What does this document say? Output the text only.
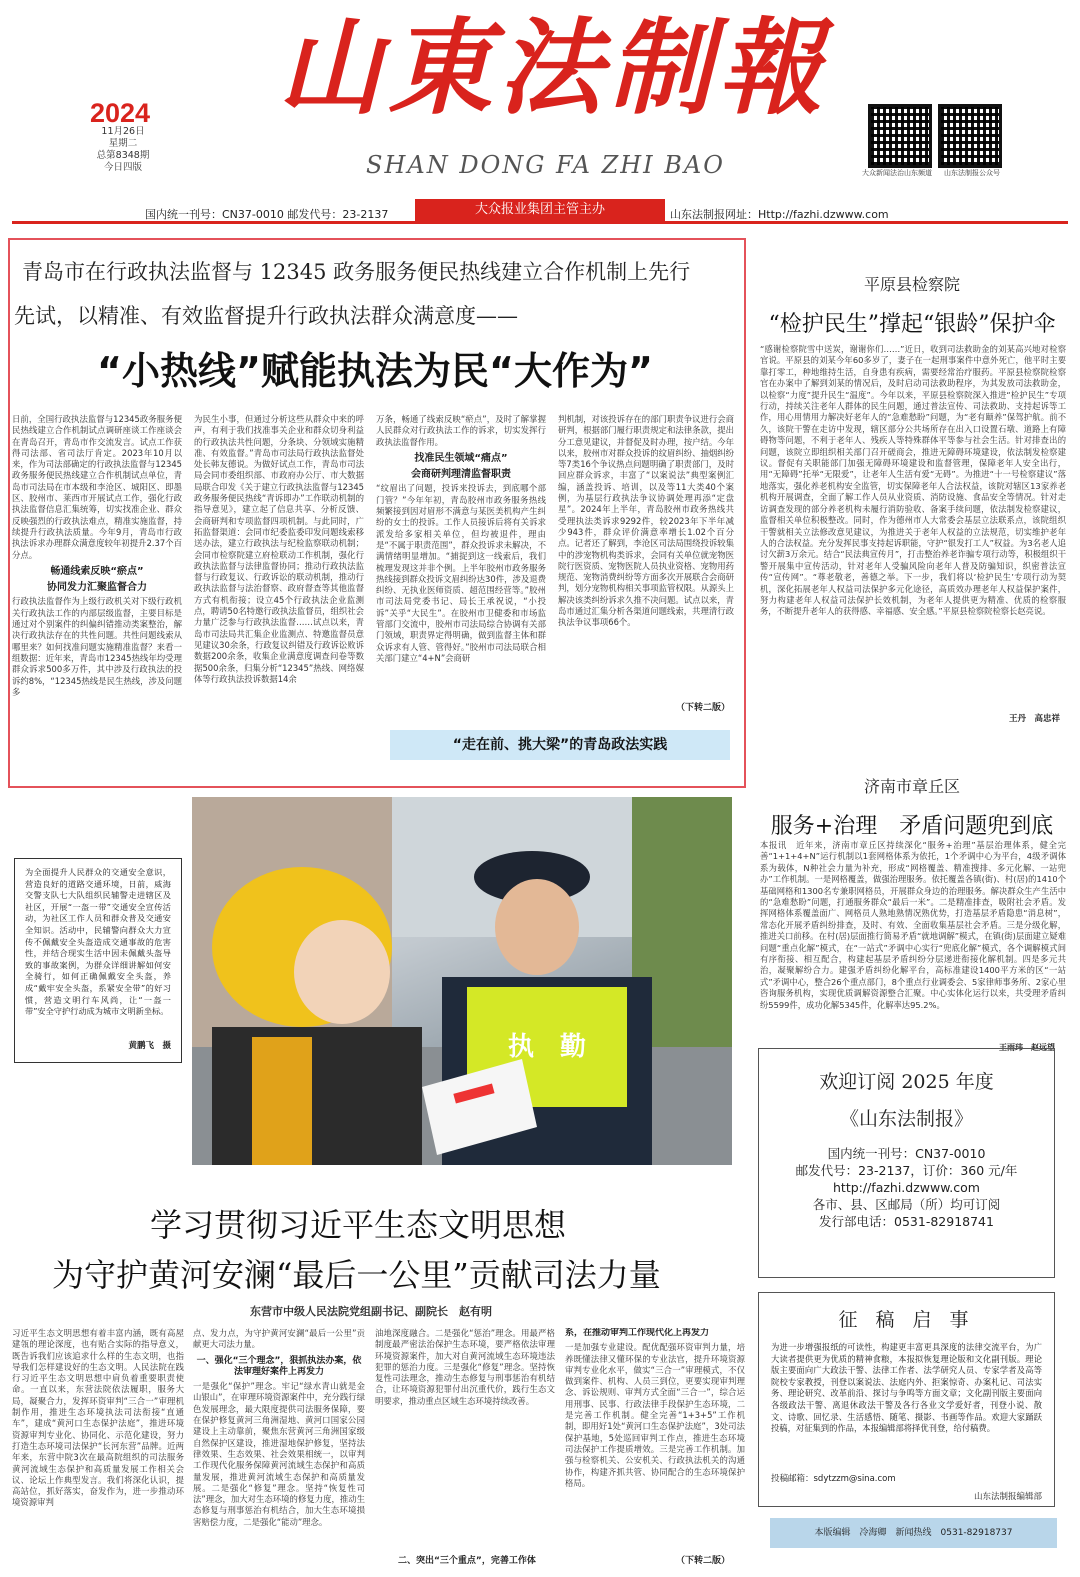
2024
11月26日
星期二
总第8348期
今日四版
山東法制報
SHAN DONG FA ZHI BAO	大众新闻法治山东频道 山东法制报公众号
国内统一刊号：CN37-0010 邮发代号：23-2137	大众报业集团主管主办	山东法制报网址：Http://fazhi.dzwww.com
青岛市在行政执法监督与 12345 政务服务便民热线建立合作机制上先行
先试，以精准、有效监督提升行政执法群众满意度——
“小热线”赋能执法为民“大作为”
日前，全国行政执法监督与12345政务服务便民热线建立合作机制试点调研座谈工作座谈会在青岛召开，青岛市作交流发言。试点工作获得司法部、省司法厅肯定。2023年10月以来，作为司法部确定的行政执法监督与12345政务服务便民热线建立合作机制试点单位，青岛市司法局在市本级和李沧区、城阳区、即墨区、胶州市、莱西市开展试点工作，强化行政执法监督信息汇集统筹，切实找准企业、群众反映强烈的行政执法难点，精准实施监督，持续提升行政执法质量。今年9月，青岛市行政执法诉求办理群众满意度较年初提升2.37个百分点。
畅通线索反映“瘀点”
协同发力汇聚监督合力
行政执法监督作为上级行政机关对下级行政机关行政执法工作的内部层级监督，主要目标是通过对个别案件的纠偏纠错推动类案整治，解决行政执法存在的共性问题。共性问题线索从哪里来？如何找准问题实施精准监督？来看一组数据：近年来，青岛市12345热线年均受理群众诉求500多万件，其中涉及行政执法的投诉约8%，“12345热线是民生热线，涉及问题多
为民生小事，但通过分析这些从群众中来的呼声，有利于我们找准事关企业和群众切身利益的行政执法共性问题，分条块、分领域实施精准、有效监督。”青岛市司法局行政执法监督处处长韩友德说。为做好试点工作，青岛市司法局会同市委组织部、市政府办公厅、市大数据局联合印发《关于建立行政执法监督与12345政务服务便民热线“青诉即办”工作联动机制的指导意见》，建立起了信息共享、分析反馈、会商研判和专项监督四项机制。与此同时，广拓监督渠道：会同市纪委监委印发问题线索移送办法，建立行政执法与纪检监察联动机制；会同市检察院建立府检联动工作机制，强化行政执法监督与法律监督协同；推动行政执法监督与行政复议、行政诉讼的联动机制，推动行政执法监督与法治督察、政府督查等其他监督方式有机衔接；设立45个行政执法企业监测点，聘请50名特邀行政执法监督员，组织社会力量广泛参与行政执法监督……试点以来，青岛市司法局共汇集企业监测点、特邀监督员意见建议30余条，行政复议纠错及行政诉讼败诉数据200余条，收集企业满意度调查问卷等数据500余条，归集分析“12345”热线、网络媒体等行政执法投诉数据14余
万条，畅通了线索反映“瘀点”，及时了解掌握人民群众对行政执法工作的诉求，切实发挥行政执法监督作用。
找准民生领域“痛点”
会商研判理清监督职责
“纹眉出了问题，投诉来投诉去，到底哪个部门管？”今年年初，青岛胶州市政务服务热线频繁接到因对眉形不满意与某医美机构产生纠纷的女士的投诉。工作人员接诉后将有关诉求派发给多家相关单位，但均被退件，理由是“不属于职责范围”，群众投诉求未解决，不满情绪明显增加。“捕捉到这一线索后，我们梳理发现这并非个例。上半年胶州市政务服务热线接到群众投诉文眉纠纷达30件，涉及退费纠纷、无执业医师资质、超范围经营等。”胶州市司法局党委书记、局长王承祝说，“小投诉”关乎“大民生”。在胶州市卫健委和市场监管部门交流中，胶州市司法局综合协调有关部门领域，职责界定得明确，做到监督主体和群众诉求有人管、管得好。”胶州市司法局联合相关部门建立“4+N”会商研
判机制，对该投诉存在的部门职责争议进行会商研判，根据部门履行职责规定和法律条款，提出分工意见建议，并督促及时办理，按户结。今年以来，胶州市对群众投诉的纹眉纠纷、抽烟纠纷等7类16个争议热点问题明确了职责部门，及时回应群众诉求，丰富了“以案说法”典型案例汇编，涵盖投诉、培训，以及等11大类40个案例，为基层行政执法争议协调处理再添“定盘星”。2024年上半年，青岛胶州市政务热线共受理执法类诉求9292件，较2023年下半年减少943件，群众评价满意率增长1.02个百分点。记者还了解到，李沧区司法局围绕投诉较集中的涉宠物机构类诉求，会同有关单位就宠物医院行医资质、宠物医院人员执业资格、宠物用药规范、宠物消费纠纷等方面多次开展联合会商研判，划分宠物机构相关事项监管权限。从源头上解决该类纠纷诉求久推不决问题。试点以来，青岛市通过汇集分析各渠道问题线索，共理清行政执法争议事项66个。
（下转二版）
“走在前、挑大梁”的青岛政法实践
平原县检察院
“检护民生”撑起“银龄”保护伞
“感谢检察院雪中送炭，谢谢你们……”近日，收到司法救助金的刘某高兴地对检察官说。平原县的刘某今年60多岁了，妻子在一起刑事案件中意外死亡，他平时主要靠打零工，种地维持生活，自身患有疾病，需要经常治疗服药。平原县检察院检察官在办案中了解到刘某的情况后，及时启动司法救助程序，为其发放司法救助金，以检察“力度”提升民生“温度”。今年以来，平原县检察院深入推进“检护民生”专项行动，持续关注老年人群体的民生问题，通过普法宣传、司法救助、支持起诉等工作，用心用情用力解决好老年人的“急难愁盼”问题，为“老有颐养”保驾护航。前不久，该院干警在走访中发现，辖区部分公共场所存在出入口设置石墩、道路上有障碍物等问题，不利于老年人、残疾人等特殊群体平等参与社会生活。针对排查出的问题，该院立即组织相关部门召开磋商会，推进无障碍环境建设，依法制发检察建议。督促有关职能部门加强无障碍环境建设和监督管理，保障老年人安全出行，用“无障碍”托举“无限爱”，让老年人生活有爱“无碍”。为推进“十一号检察建议”落地落实，强化养老机构安全监管，切实保障老年人合法权益，该院对辖区13家养老机构开展调查，全面了解工作人员从业资质、消防设施、食品安全等情况。针对走访调查发现的部分养老机构未履行消防验收、备案手续问题，依法制发检察建议，监督相关单位积极整改。同时，作为德州市人大常委会基层立法联系点，该院组织干警就相关立法修改意见建议，为推进关于老年人权益的立法规范，切实维护老年人的合法权益。充分发挥民事支持起诉职能，守护“银发打工人”权益。为3名老人追讨欠薪3万余元。结合“民法典宣传月”，打击整治养老诈骗专项行动等，积极组织干警开展集中宣传活动，针对老年人受骗风险向老年人普及防骗知识，织密普法宣传“宣传网”。“尊老敬老，善德之举。下一步，我们将以‘检护民生’专项行动为契机，深化拓展老年人权益司法保护多元化途径，高质效办理老年人权益保护案件，努力构建老年人权益司法保护长效机制，为老年人提供更为精准、优质的检察服务，不断提升老年人的获得感、幸福感、安全感。”平原县检察院检察长赵亮说。
王丹　高忠祥
济南市章丘区
服务+治理　矛盾问题兜到底
本报讯　近年来，济南市章丘区持续深化“服务+治理”基层治理体系，健全完善“1+1+4+N”运行机制以1套网格体系为依托，1个矛调中心为平台，4级矛调体系为载体，N种社会力量为补充，形成“网格覆盖、精准搜排、多元化解、一站兜办”工作机制。一是网格覆盖，做强治理服务。依托覆盖各镇(街)、村(居)的1410个基础网格和1300名专兼职网格员，开展群众身边的治理服务。解决群众生产生活中的“急难愁盼”问题，打通服务群众“最后一米”。二是精准排查，吸附社会矛盾。发挥网格体系覆盖面广、网格员人熟地熟情况熟优势，打造基层矛盾隐患“消息树”，常态化开展矛盾纠纷排查，及时、有效、全面收集基层社会矛盾。三是分级化解，推进关口前移。在村(居)层面推行简易矛盾“就地调解”模式，在镇(街)层面建立疑难问题“重点化解”模式，在“一站式”矛调中心实行“兜底化解”模式，各个调解模式间有序衔接、相互配合，构建起基层矛盾纠纷分层递进衔接化解机制。四是多元共治，凝聚解纷合力。建强矛盾纠纷化解平台，高标准建设1400平方米的区“一站式”矛调中心，整合26个重点部门，8个重点行业调委会、5家律师事务所、2家心里咨询服务机构，实现优质调解资源整合汇聚。中心实体化运行以来，共受理矛盾纠纷5599件，成功化解5345件，化解率达95.2%。
王雨玮　赵远望
执　勤
为全面提升人民群众的交通安全意识，营造良好的道路交通环境，日前，威海交警支队七大队组织民辅警走进辖区及社区，开展“一盔一带”交通安全宣传活动，为社区工作人员和群众普及交通安全知识。活动中，民辅警向群众大力宣传不佩戴安全头盔造成交通事故的危害性，并结合现实生活中因未佩戴头盔导致的事故案例，为群众详细讲解如何安全骑行，如何正确佩戴安全头盔，养成“戴牢安全头盔，系紧安全带”的好习惯，营造文明行车风尚，让“一盔一带”安全守护行动成为城市文明新坐标。
黄鹏飞　摄
学习贯彻习近平生态文明思想
为守护黄河安澜“最后一公里”贡献司法力量
东营市中级人民法院党组副书记、副院长　赵有明
习近平生态文明思想有着丰富内涵，既有高屋建瓴的理论深度，也有贴合实际的指导意义，既告诉我们应该追求什么样的生态文明，也指导我们怎样建设好的生态文明。人民法院在践行习近平生态文明思想中肩负着重要职责使命。一直以来，东营法院依法履职，服务大局，凝聚合力，发挥环资审判“三合一”审理机制作用，推进生态环境执法司法衔接“直通车”，建成“黄河口生态保护法庭”，推进环境资源审判专业化、协同化、示范化建设，努力打造生态环境司法保护“长河东营”品牌。近两年来，东营中院3次在最高院组织的司法服务黄河流域生态保护和高质量发展工作相关会议、论坛上作典型发言。我们将深化认识，提高站位，抓好落实，奋发作为，进一步推动环境资源审判
点、发力点，为守护黄河安澜“最后一公里”贡献更大司法力量。
一、强化“三个理念”，狠抓执法办案，依法审理好案件上再发力
一是强化“保护”理念。牢记“绿水青山就是金山银山”，在审理环境资源案件中，充分践行绿色发展理念，最大限度提供司法服务保障，要在保护修复黄河三角洲湿地、黄河口国家公园建设上主动靠前，聚焦东营黄河三角洲国家级自然保护区建设，推进湿地保护修复，坚持法律效果、生态效果、社会效果相统一，以审判工作现代化服务保障黄河流域生态保护和高质量发展，推进黄河流域生态保护和高质量发展。二是强化“修复”理念。坚持“恢复性司法”理念，加大对生态环境的修复力度，推动生态修复与刑事惩治有机结合，加大生态环境损害赔偿力度，二是强化“能动”理念。
油地深度融合。二是强化“惩治”理念。用最严格制度最严密法治保护生态环境，要严格依法审理环境资源案件，加大对自黄河流域生态环境违法犯罪的惩治力度。三是强化“修复”理念。坚持恢复性司法理念，推动生态修复与刑事惩治有机结合，让环境资源犯罪付出沉重代价，践行生态文明要求，推动重点区域生态环境持续改善。
二、突出“三个重点”，完善工作体
系，在推动审判工作现代化上再发力
一是加强专业建设。配优配强环资审判力量，培养既懂法律又懂环保的专业法官，提升环境资源审判专业化水平，做实“三合一”审理模式，不仅做到案件、机构、人员三到位，更要实现审判理念、诉讼规则、审判方式全面“三合一”，综合运用刑事、民事、行政法律手段保护生态环境，二是完善工作机制。健全完善“1+3+5”工作机制，即用好1处“黄河口生态保护法庭”，3处司法保护基地，5处巡回审判工作点，推进生态环境司法保护工作提质增效。三是完善工作机制。加强与检察机关、公安机关、行政执法机关的沟通协作，构建齐抓共管、协同配合的生态环境保护格局。
（下转二版）
欢迎订阅 2025 年度
《山东法制报》
国内统一刊号：CN37-0010
邮发代号：23-2137，订价：360 元/年
http://fazhi.dzwww.com
各市、县、区邮局（所）均可订阅
发行部电话：0531-82918741
征 稿 启 事
为进一步增强报纸的可读性，构建更丰富更具深度的法律交流平台，为广大读者提供更为优质的精神食粮，本报拟恢复理论版和文化副刊版。理论版主要面向广大政法干警、法律工作者、法学研究人员、专家学者及高等院校专家教授，刊登以案说法、法庭内外、拒案惊奇、办案札记、司法实务、理论研究、改革前沿、探讨与争鸣等方面文章；文化副刊版主要面向各级政法干警、离退休政法干警及各行各业文学爱好者，刊登小说、散文、诗歌、回忆录、生活感悟、随笔、摄影、书画等作品。欢迎大家踊跃投稿，对征集到的作品，本报编辑部将择优刊登，给付稿费。
投稿邮箱：sdytzzm@sina.com
山东法制报编辑部
本版编辑　冷海卿　新闻热线　0531-82918737
